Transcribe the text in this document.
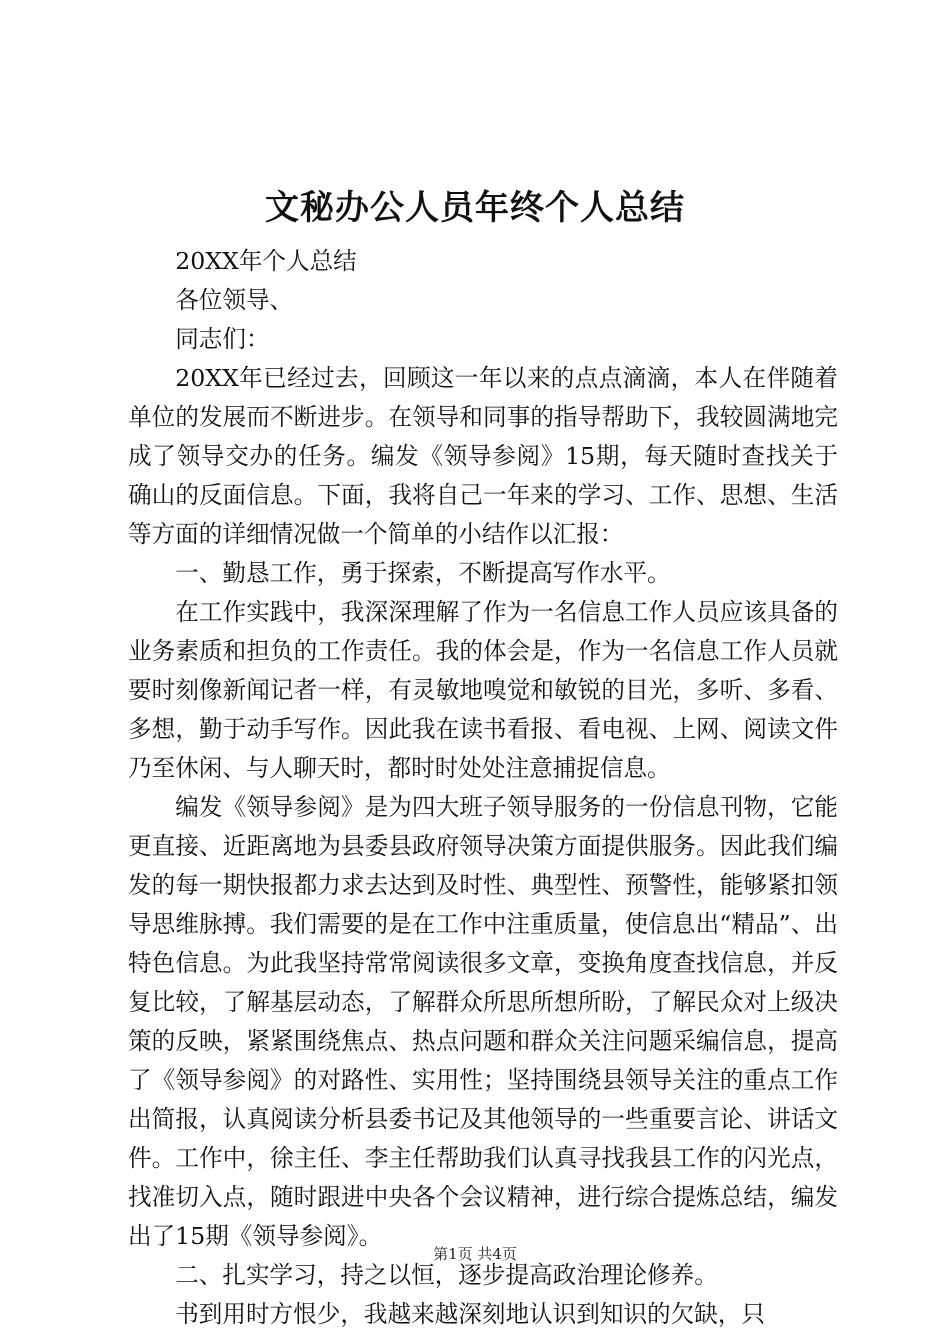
文秘办公人员年终个人总结

20XX年个人总结

各位领导、

同志们：

20XX年已经过去，回顾这一年以来的点点滴滴，本人在伴随着单位的发展而不断进步。在领导和同事的指导帮助下，我较圆满地完成了领导交办的任务。编发《领导参阅》15期，每天随时查找关于确山的反面信息。下面，我将自己一年来的学习、工作、思想、生活等方面的详细情况做一个简单的小结作以汇报：

一、勤恳工作，勇于探索，不断提高写作水平。

在工作实践中，我深深理解了作为一名信息工作人员应该具备的业务素质和担负的工作责任。我的体会是，作为一名信息工作人员就要时刻像新闻记者一样，有灵敏地嗅觉和敏锐的目光，多听、多看、多想，勤于动手写作。因此我在读书看报、看电视、上网、阅读文件乃至休闲、与人聊天时，都时时处处注意捕捉信息。

编发《领导参阅》是为四大班子领导服务的一份信息刊物，它能更直接、近距离地为县委县政府领导决策方面提供服务。因此我们编发的每一期快报都力求去达到及时性、典型性、预警性，能够紧扣领导思维脉搏。我们需要的是在工作中注重质量，使信息出“精品”、出特色信息。为此我坚持常常阅读很多文章，变换角度查找信息，并反复比较，了解基层动态，了解群众所思所想所盼，了解民众对上级决策的反映，紧紧围绕焦点、热点问题和群众关注问题采编信息，提高了《领导参阅》的对路性、实用性；坚持围绕县领导关注的重点工作出简报，认真阅读分析县委书记及其他领导的一些重要言论、讲话文件。工作中，徐主任、李主任帮助我们认真寻找我县工作的闪光点，找准切入点，随时跟进中央各个会议精神，进行综合提炼总结，编发出了15期《领导参阅》。

二、扎实学习，持之以恒，逐步提高政治理论修养。

书到用时方恨少，我越来越深刻地认识到知识的欠缺，只

第1页 共4页
